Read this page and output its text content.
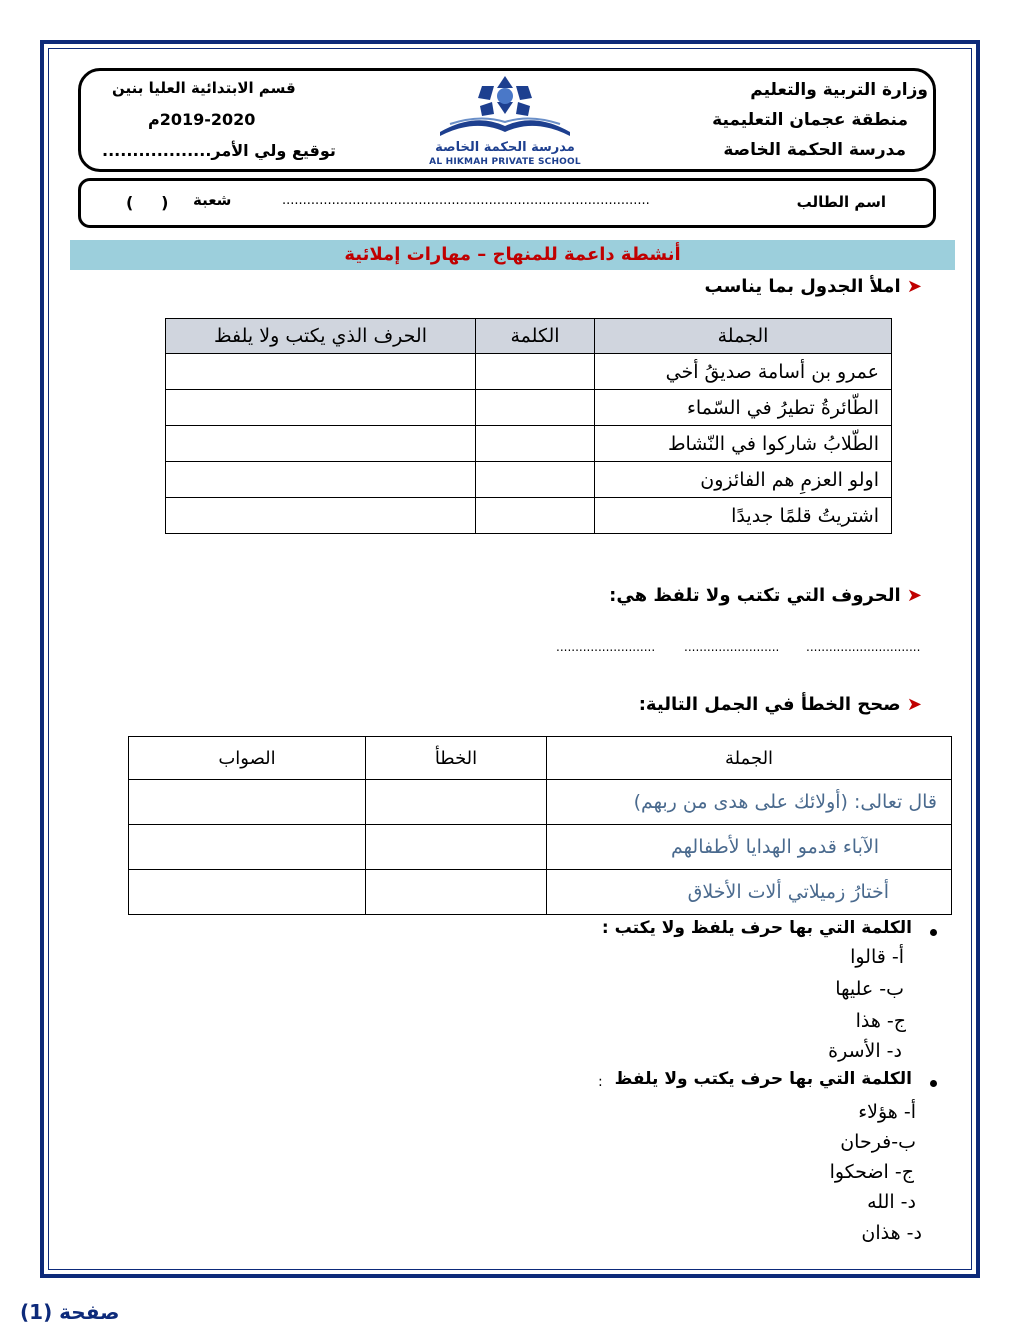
وزارة التربية والتعليم
منطقة عجمان التعليمية
مدرسة الحكمة الخاصة
قسم الابتدائية العليا بنين
2019-2020م
توقيع ولي الأمر..................	مدرسة الحكمة الخاصة
AL HIKMAH PRIVATE SCHOOL
اسم الطالب
.........................................................................................
شعبة
(     )
أنشطة داعمة للمنهاج – مهارات إملائية
➤ املأ الجدول بما يناسب
الجملة	الكلمة	الحرف الذي يكتب ولا يلفظ
عمرو بن أسامة صديقُ أخي		
الطّائرةُ تطيرُ في السّماء		
الطّلابُ شاركوا في النّشاط		
اولو العزمِ هم الفائزون		
اشتريتُ قلمًا جديدًا		
➤ الحروف التي تكتب ولا تلفظ هي:
..............................
.........................
..........................
➤ صحح الخطأ في الجمل التالية:
الجملة	الخطأ	الصواب
قال تعالى: (أولائك على هدى من ربهم)		
الآباء قدمو الهدايا لأطفالهم		
أختارُ زميلاتي ألات الأخلاق		
الكلمة التي بها حرف يلفظ ولا يكتب :
أ- قالوا
ب- عليها
ج- هذا
د- الأسرة
الكلمة التي بها حرف يكتب ولا يلفظ
:
أ- هؤلاء
ب-فرحان
ج- اضحكوا
د- الله
د- هذان
صفحة (1)
